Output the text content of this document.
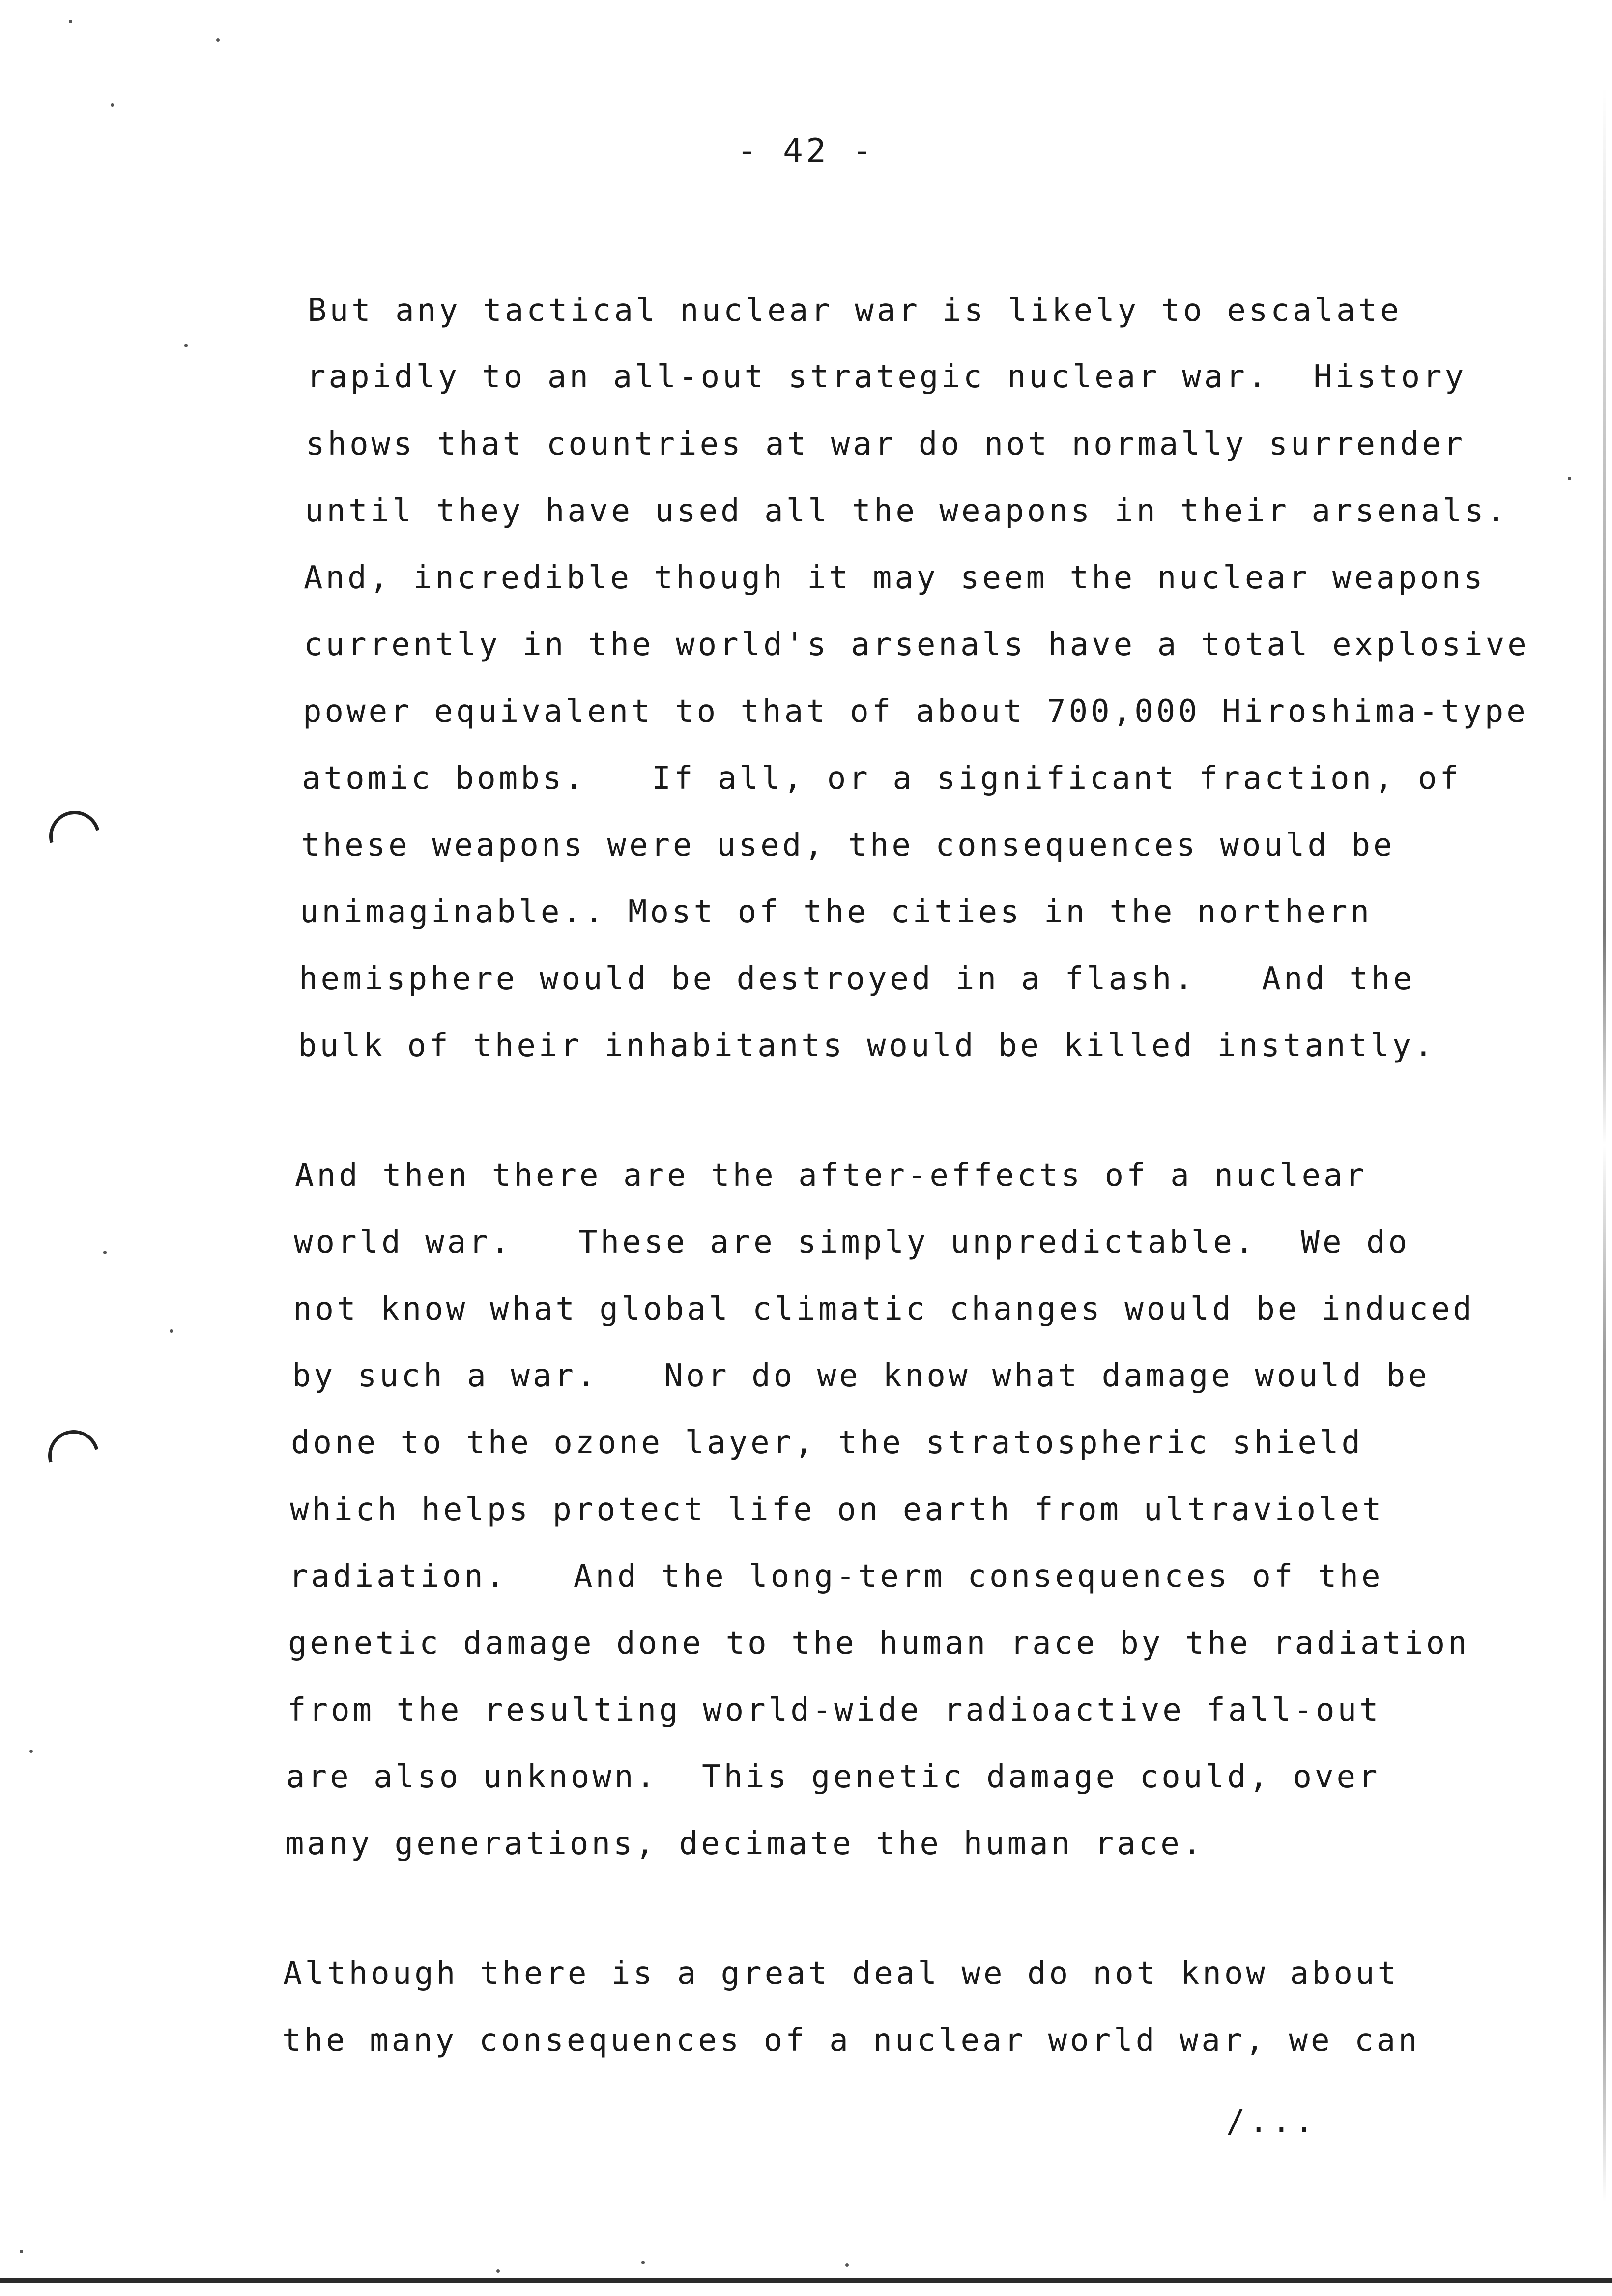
- 42 -
But any tactical nuclear war is likely to escalate
rapidly to an all-out strategic nuclear war.  History
shows that countries at war do not normally surrender
until they have used all the weapons in their arsenals.
And, incredible though it may seem the nuclear weapons
currently in the world's arsenals have a total explosive
power equivalent to that of about 700,000 Hiroshima-type
atomic bombs.   If all, or a significant fraction, of
these weapons were used, the consequences would be
unimaginable.. Most of the cities in the northern
hemisphere would be destroyed in a flash.   And the
bulk of their inhabitants would be killed instantly.
And then there are the after-effects of a nuclear
world war.   These are simply unpredictable.  We do
not know what global climatic changes would be induced
by such a war.   Nor do we know what damage would be
done to the ozone layer, the stratospheric shield
which helps protect life on earth from ultraviolet
radiation.   And the long-term consequences of the
genetic damage done to the human race by the radiation
from the resulting world-wide radioactive fall-out
are also unknown.  This genetic damage could, over
many generations, decimate the human race.
Although there is a great deal we do not know about
the many consequences of a nuclear world war, we can
/...
